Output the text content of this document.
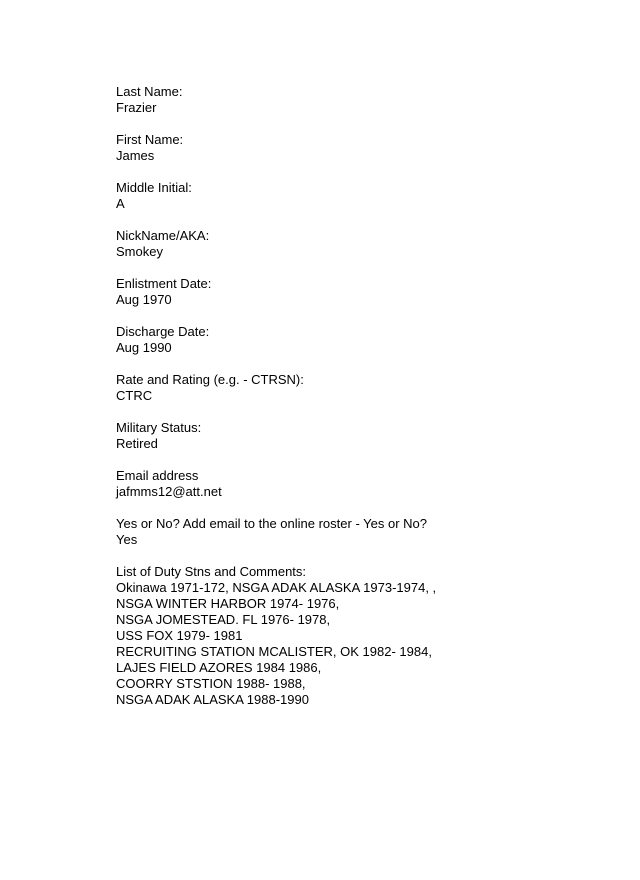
Last Name:
Frazier
First Name:
James
Middle Initial:
A
NickName/AKA:
Smokey
Enlistment Date:
Aug 1970
Discharge Date:
Aug 1990
Rate and Rating (e.g. - CTRSN):
CTRC
Military Status:
Retired
Email address
jafmms12@att.net
Yes or No? Add email to the online roster - Yes or No?
Yes
List of Duty Stns and Comments:
Okinawa 1971-172, NSGA ADAK ALASKA 1973-1974, ,
NSGA WINTER HARBOR 1974- 1976,
NSGA JOMESTEAD. FL 1976- 1978,
USS FOX 1979- 1981
RECRUITING STATION MCALISTER, OK 1982- 1984,
LAJES FIELD AZORES 1984 1986,
COORRY STSTION 1988- 1988,
NSGA ADAK ALASKA 1988-1990
